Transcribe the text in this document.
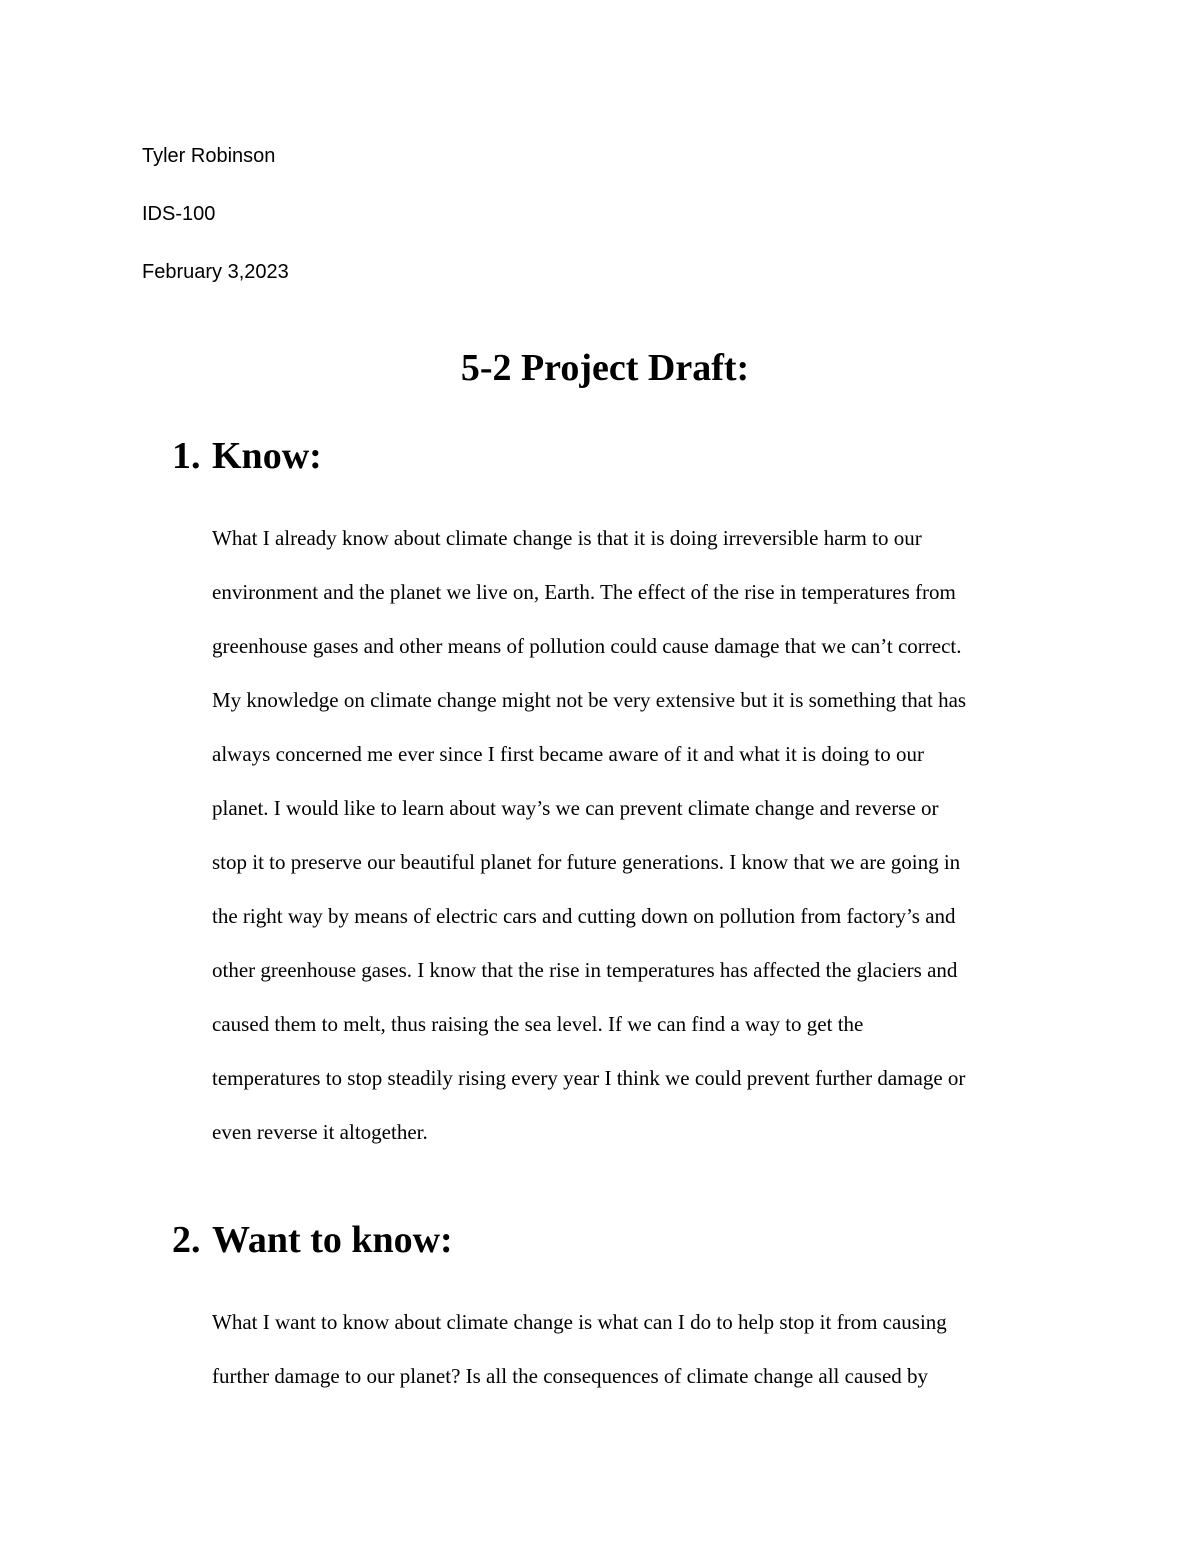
Tyler Robinson
IDS-100
February 3,2023
5-2 Project Draft:
1. Know:
What I already know about climate change is that it is doing irreversible harm to our
environment and the planet we live on, Earth. The effect of the rise in temperatures from
greenhouse gases and other means of pollution could cause damage that we can’t correct.
My knowledge on climate change might not be very extensive but it is something that has
always concerned me ever since I first became aware of it and what it is doing to our
planet. I would like to learn about way’s we can prevent climate change and reverse or
stop it to preserve our beautiful planet for future generations. I know that we are going in
the right way by means of electric cars and cutting down on pollution from factory’s and
other greenhouse gases. I know that the rise in temperatures has affected the glaciers and
caused them to melt, thus raising the sea level. If we can find a way to get the
temperatures to stop steadily rising every year I think we could prevent further damage or
even reverse it altogether.
2. Want to know:
What I want to know about climate change is what can I do to help stop it from causing
further damage to our planet? Is all the consequences of climate change all caused by
